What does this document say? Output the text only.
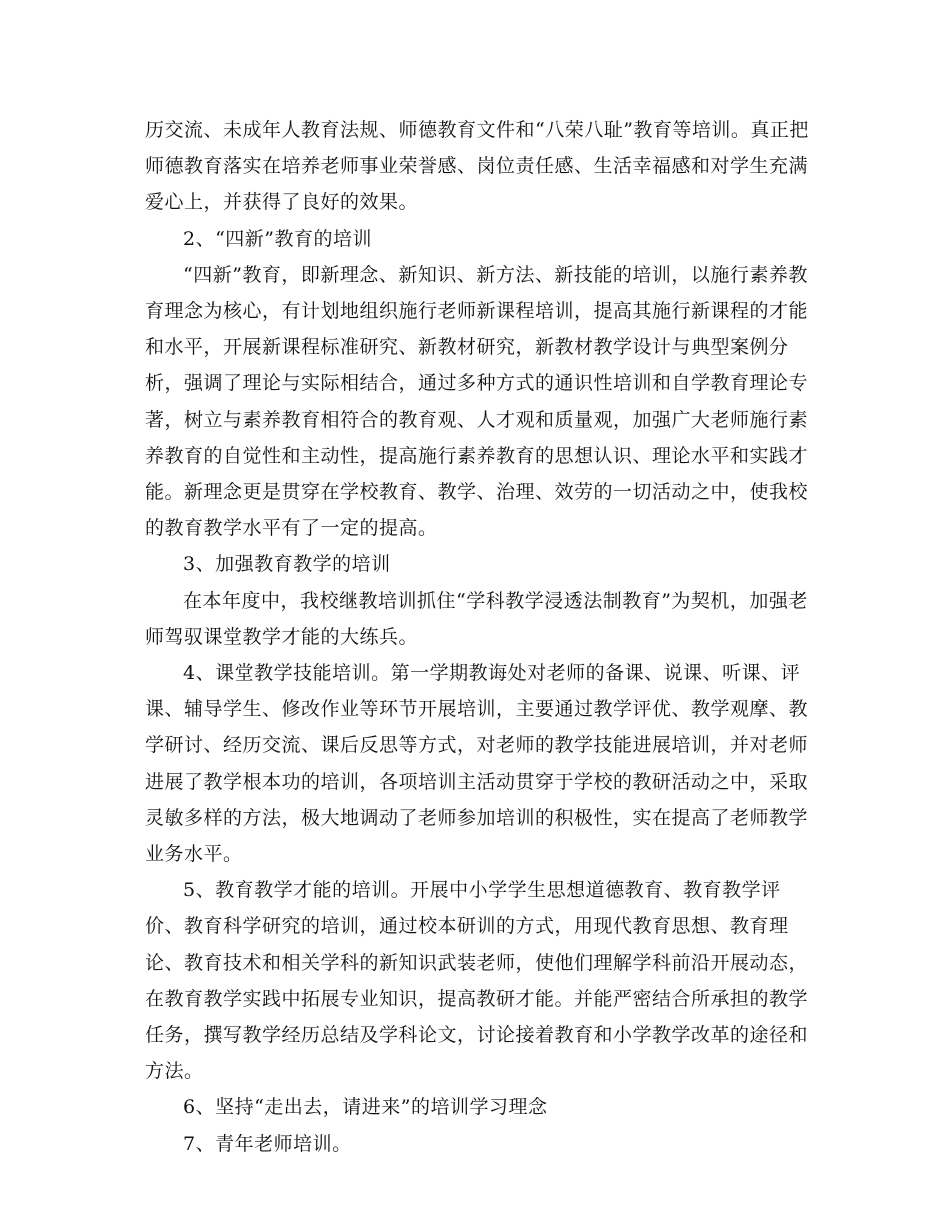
历交流、未成年人教育法规、师德教育文件和“八荣八耻”教育等培训。真正把师德教育落实在培养老师事业荣誉感、岗位责任感、生活幸福感和对学生充满爱心上，并获得了良好的效果。

2、“四新”教育的培训

“四新”教育，即新理念、新知识、新方法、新技能的培训，以施行素养教育理念为核心，有计划地组织施行老师新课程培训，提高其施行新课程的才能和水平，开展新课程标准研究、新教材研究，新教材教学设计与典型案例分析，强调了理论与实际相结合，通过多种方式的通识性培训和自学教育理论专著，树立与素养教育相符合的教育观、人才观和质量观，加强广大老师施行素养教育的自觉性和主动性，提高施行素养教育的思想认识、理论水平和实践才能。新理念更是贯穿在学校教育、教学、治理、效劳的一切活动之中，使我校的教育教学水平有了一定的提高。

3、加强教育教学的培训

在本年度中，我校继教培训抓住“学科教学浸透法制教育”为契机，加强老师驾驭课堂教学才能的大练兵。

4、课堂教学技能培训。第一学期教诲处对老师的备课、说课、听课、评课、辅导学生、修改作业等环节开展培训，主要通过教学评优、教学观摩、教学研讨、经历交流、课后反思等方式，对老师的教学技能进展培训，并对老师进展了教学根本功的培训，各项培训主活动贯穿于学校的教研活动之中，采取灵敏多样的方法，极大地调动了老师参加培训的积极性，实在提高了老师教学业务水平。

5、教育教学才能的培训。开展中小学学生思想道德教育、教育教学评价、教育科学研究的培训，通过校本研训的方式，用现代教育思想、教育理论、教育技术和相关学科的新知识武装老师，使他们理解学科前沿开展动态，在教育教学实践中拓展专业知识，提高教研才能。并能严密结合所承担的教学任务，撰写教学经历总结及学科论文，讨论接着教育和小学教学改革的途径和方法。

6、坚持“走出去，请进来”的培训学习理念

7、青年老师培训。
